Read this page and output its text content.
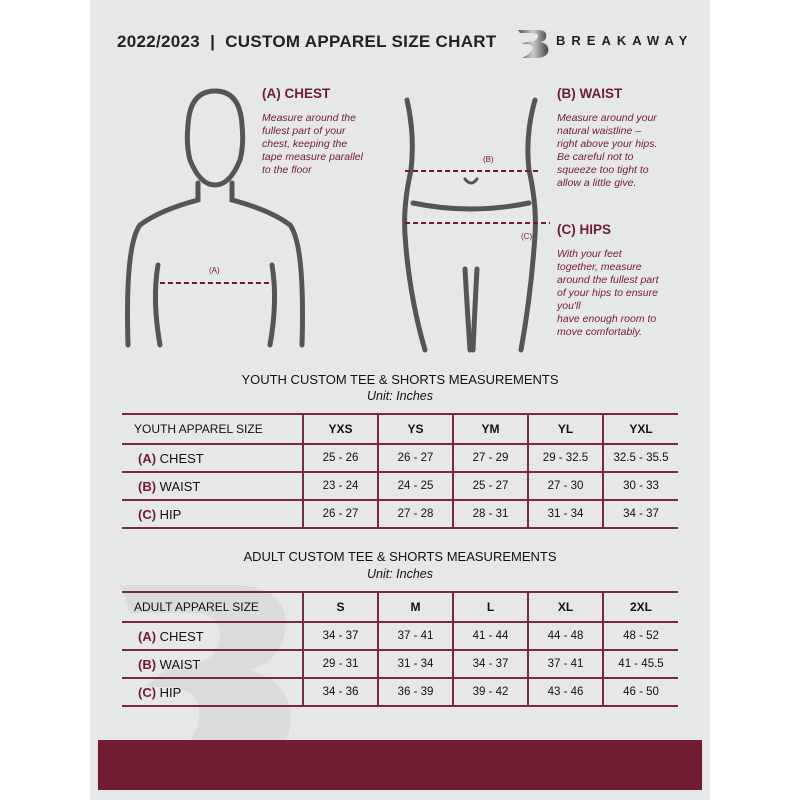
2022/2023  |  CUSTOM APPAREL SIZE CHART	BREAKAWAY
(A)
(A) CHEST
Measure around the
fullest part of your
chest, keeping the
tape measure parallel
to the floor
(B)
(C)
(B) WAIST
Measure around your
natural waistline –
right above your hips.
Be careful not to
squeeze too tight to
allow a little give.
(C) HIPS
With your feet
together, measure
around the fullest part
of your hips to ensure
you'll
have enough room to
move comfortably.
YOUTH CUSTOM TEE & SHORTS MEASUREMENTS
Unit: Inches
YOUTH APPAREL SIZE	YXS	YS	YM	YL	YXL
(A) CHEST	25 - 26	26 - 27	27 - 29	29 - 32.5	32.5 - 35.5
(B) WAIST	23 - 24	24 - 25	25 - 27	27 - 30	30 - 33
(C) HIP	26 - 27	27 - 28	28 - 31	31 - 34	34 - 37
ADULT CUSTOM TEE & SHORTS MEASUREMENTS
Unit: Inches
ADULT APPAREL SIZE	S	M	L	XL	2XL
(A) CHEST	34 - 37	37 - 41	41 - 44	44 - 48	48 - 52
(B) WAIST	29 - 31	31 - 34	34 - 37	37 - 41	41 - 45.5
(C) HIP	34 - 36	36 - 39	39 - 42	43 - 46	46 - 50
